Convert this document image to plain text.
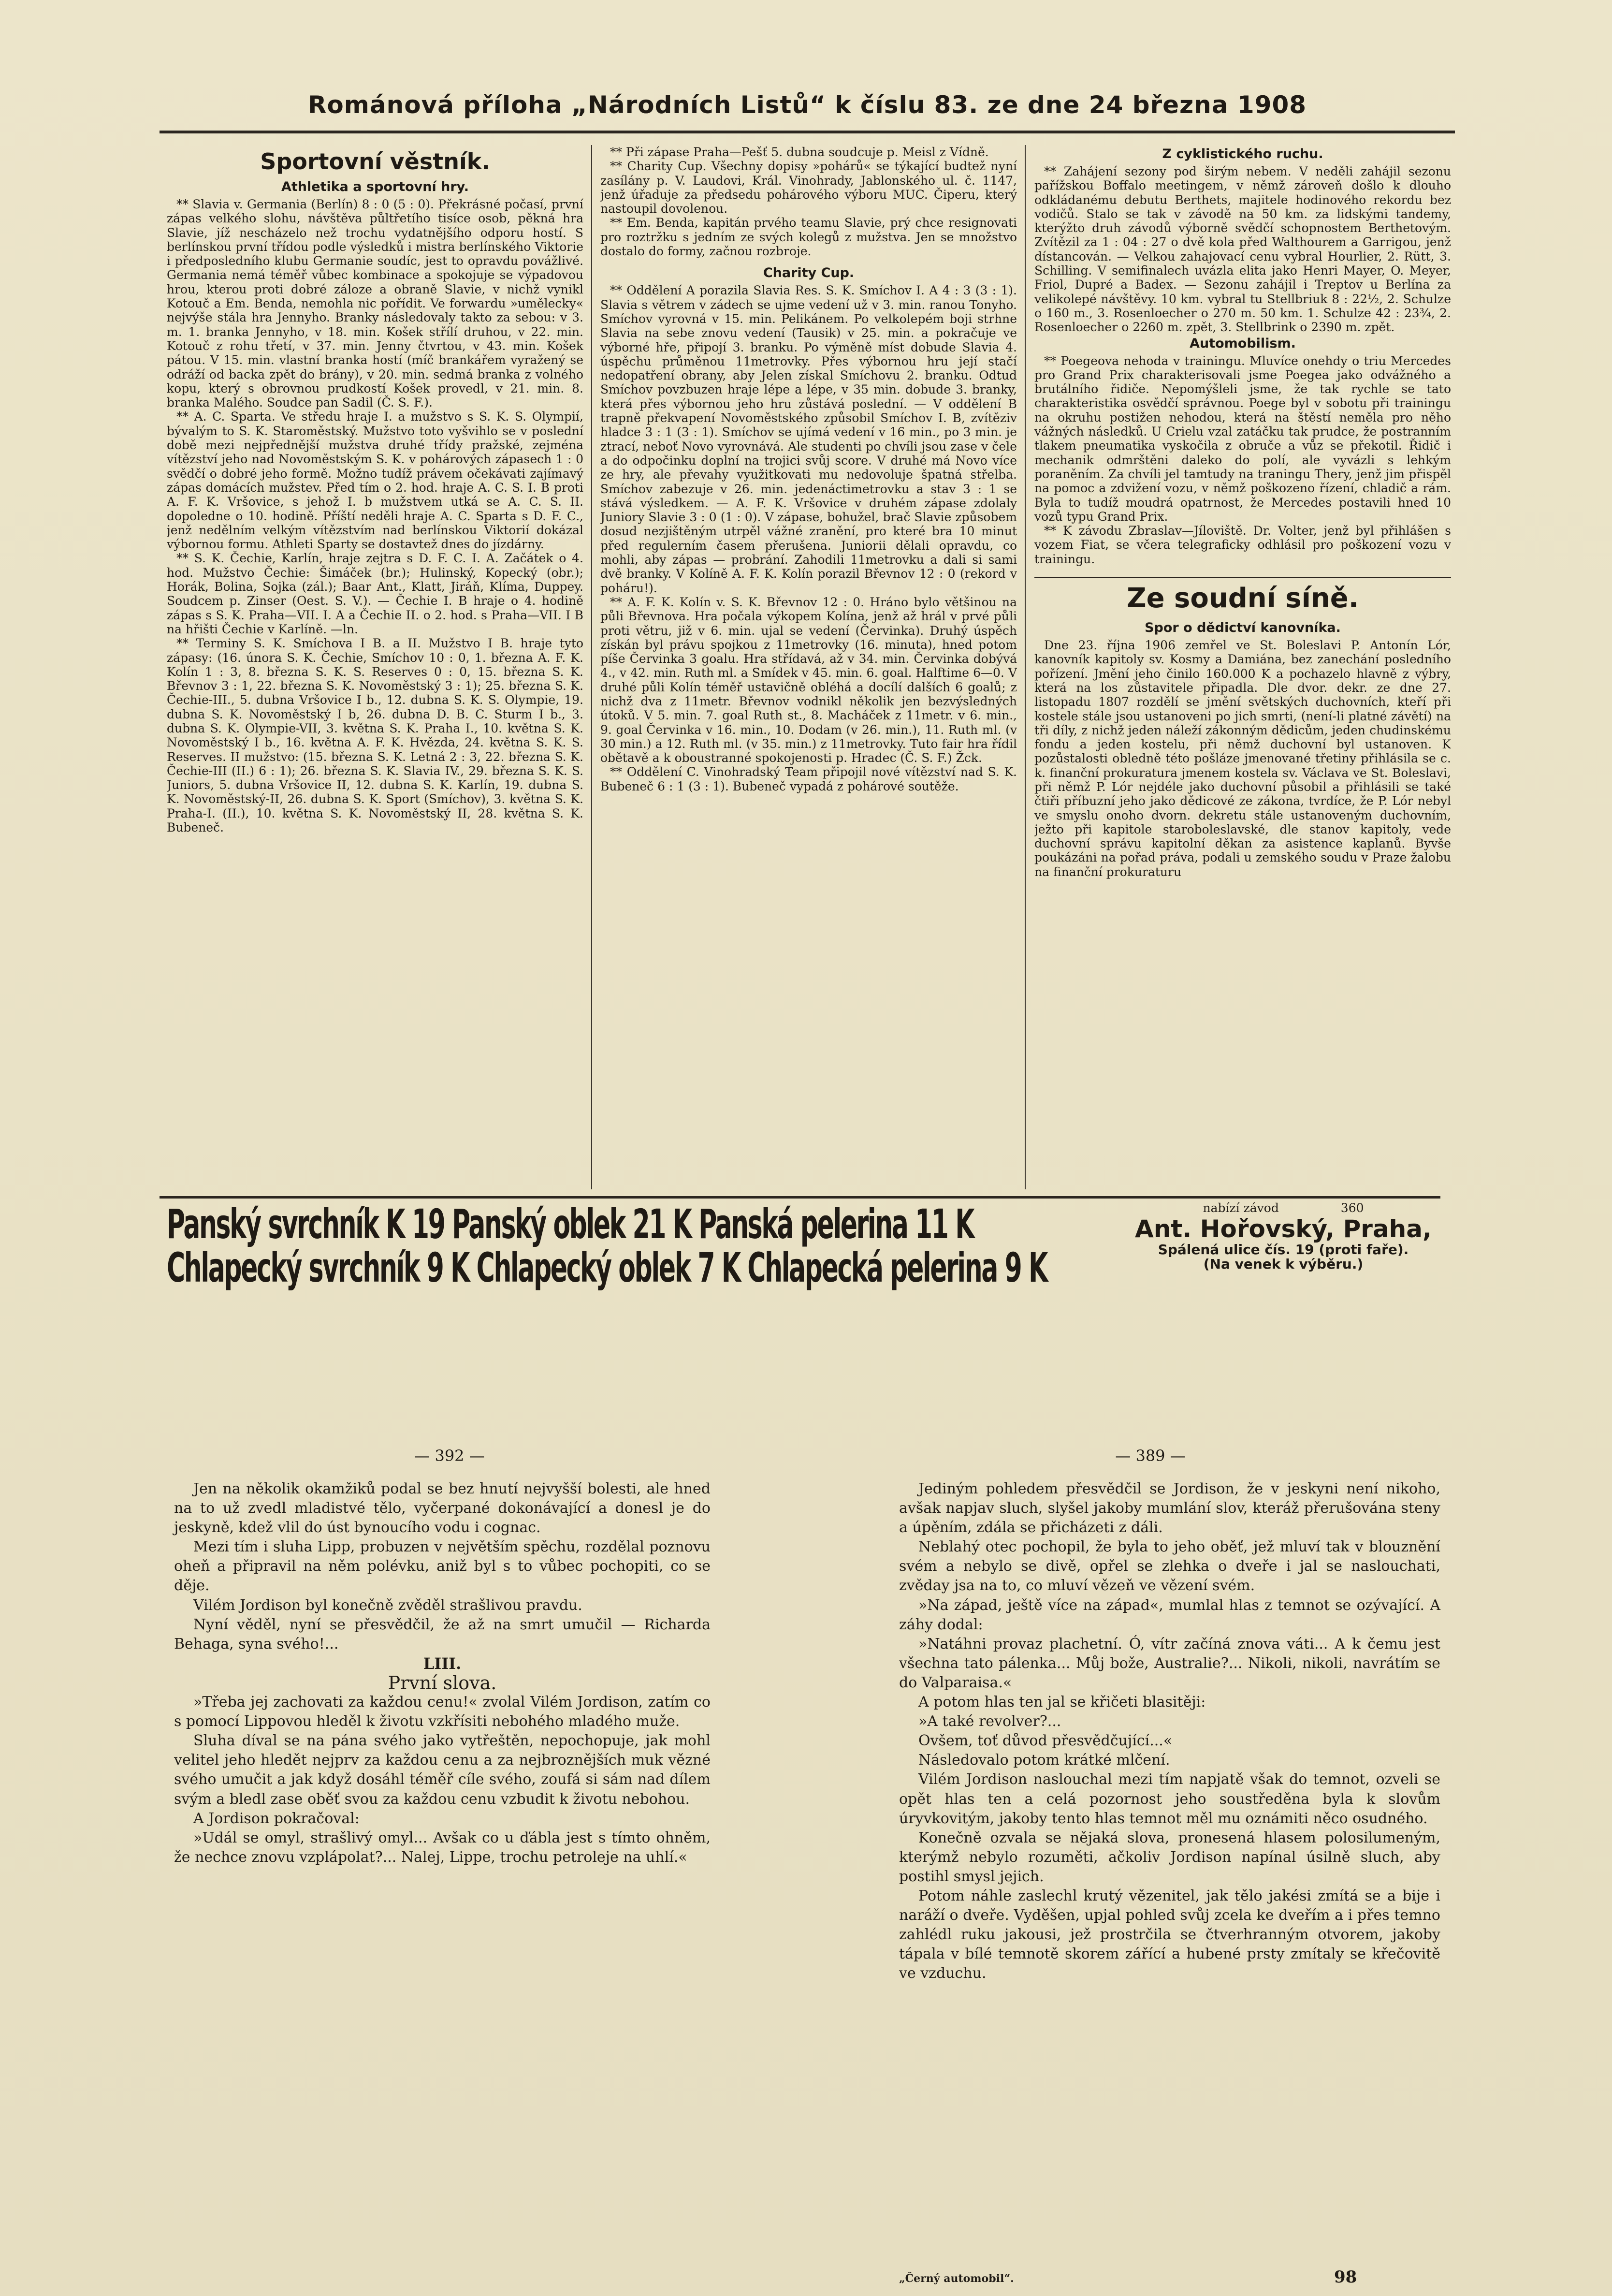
Románová příloha „Národních Listů“ k číslu 83. ze dne 24 března 1908
Sportovní věstník.
Athletika a sportovní hry.

** Slavia v. Germania (Berlín) 8 : 0 (5 : 0). Překrásné počasí, první zápas velkého slohu, návštěva půltřetího tisíce osob, pěkná hra Slavie, jíž nescházelo než trochu vydatnějšího odporu hostí. S berlínskou první třídou podle výsledků i mistra berlínského Viktorie i předposledního klubu Germanie soudíc, jest to opravdu povážlivé. Germania nemá téměř vůbec kombinace a spokojuje se výpadovou hrou, kterou proti dobré záloze a obraně Slavie, v nichž vynikl Kotouč a Em. Benda, nemohla nic pořídit. Ve forwardu »umělecky« nejvýše stála hra Jennyho. Branky následovaly takto za sebou: v 3. m. 1. branka Jennyho, v 18. min. Košek střílí druhou, v 22. min. Kotouč z rohu třetí, v 37. min. Jenny čtvrtou, v 43. min. Košek pátou. V 15. min. vlastní branka hostí (míč brankářem vyražený se odráží od backa zpět do brány), v 20. min. sedmá branka z volného kopu, který s obrovnou prudkostí Košek provedl, v 21. min. 8. branka Malého. Soudce pan Sadil (Č. S. F.).

** A. C. Sparta. Ve středu hraje I. a mužstvo s S. K. S. Olympií, bývalým to S. K. Staroměstský. Mužstvo toto vyšvihlo se v poslední době mezi nejpřednější mužstva druhé třídy pražské, zejména vítězství jeho nad Novoměstským S. K. v pohárových zápasech 1 : 0 svědčí o dobré jeho formě. Možno tudíž právem očekávati zajímavý zápas domácích mužstev. Před tím o 2. hod. hraje A. C. S. I. B proti A. F. K. Vršovice, s jehož I. b mužstvem utká se A. C. S. II. dopoledne o 10. hodině. Příští neděli hraje A. C. Sparta s D. F. C., jenž nedělním velkým vítězstvím nad berlínskou Viktorií dokázal výbornou formu. Athleti Sparty se dostavtež dnes do jízdárny.

** S. K. Čechie, Karlín, hraje zejtra s D. F. C. I. A. Začátek o 4. hod. Mužstvo Čechie: Šimáček (br.); Hulinský, Kopecký (obr.); Horák, Bolina, Sojka (zál.); Baar Ant., Klatt, Jiráň, Klíma, Duppey. Soudcem p. Zinser (Oest. S. V.). — Čechie I. B hraje o 4. hodině zápas s S. K. Praha—VII. I. A a Čechie II. o 2. hod. s Praha—VII. I B na hřišti Čechie v Karlíně. —ln.

** Terminy S. K. Smíchova I B. a II. Mužstvo I B. hraje tyto zápasy: (16. února S. K. Čechie, Smíchov 10 : 0, 1. března A. F. K. Kolín 1 : 3, 8. března S. K. S. Reserves 0 : 0, 15. března S. K. Břevnov 3 : 1, 22. března S. K. Novoměstský 3 : 1); 25. března S. K. Čechie-III., 5. dubna Vršovice I b., 12. dubna S. K. S. Olympie, 19. dubna S. K. Novoměstský I b, 26. dubna D. B. C. Sturm I b., 3. dubna S. K. Olympie-VII, 3. května S. K. Praha I., 10. května S. K. Novoměstský I b., 16. května A. F. K. Hvězda, 24. května S. K. S. Reserves. II mužstvo: (15. března S. K. Letná 2 : 3, 22. března S. K. Čechie-III (II.) 6 : 1); 26. března S. K. Slavia IV., 29. března S. K. S. Juniors, 5. dubna Vršovice II, 12. dubna S. K. Karlín, 19. dubna S. K. Novoměstský-II, 26. dubna S. K. Sport (Smíchov), 3. května S. K. Praha-I. (II.), 10. května S. K. Novoměstský II, 28. května S. K. Bubeneč.

** Při zápase Praha—Pešť 5. dubna soudcuje p. Meisl z Vídně.

** Charity Cup. Všechny dopisy »pohárů« se týkající budtež nyní zasílány p. V. Laudovi, Král. Vinohrady, Jablonského ul. č. 1147, jenž úřaduje za předsedu pohárového výboru MUC. Čiperu, který nastoupil dovolenou.

** Em. Benda, kapitán prvého teamu Slavie, prý chce resignovati pro roztržku s jedním ze svých kolegů z mužstva. Jen se množstvo dostalo do formy, začnou rozbroje.

Charity Cup.

** Oddělení A porazila Slavia Res. S. K. Smíchov I. A 4 : 3 (3 : 1). Slavia s větrem v zádech se ujme vedení už v 3. min. ranou Tonyho. Smíchov vyrovná v 15. min. Pelikánem. Po velkolepém boji strhne Slavia na sebe znovu vedení (Tausik) v 25. min. a pokračuje ve výborné hře, připojí 3. branku. Po výměně míst dobude Slavia 4. úspěchu průměnou 11metrovky. Přes výbornou hru její stačí nedopatření obrany, aby Jelen získal Smíchovu 2. branku. Odtud Smíchov povzbuzen hraje lépe a lépe, v 35 min. dobude 3. branky, která přes výbornou jeho hru zůstává poslední. — V oddělení B trapně překvapení Novoměstského způsobil Smíchov I. B, zvítěziv hladce 3 : 1 (3 : 1). Smíchov se ujímá vedení v 16 min., po 3 min. je ztrací, neboť Novo vyrovnává. Ale studenti po chvíli jsou zase v čele a do odpočinku doplní na trojici svůj score. V druhé má Novo více ze hry, ale převahy využitkovati mu nedovoluje špatná střelba. Smíchov zabezuje v 26. min. jedenáctimetrovku a stav 3 : 1 se stává výsledkem. — A. F. K. Vršovice v druhém zápase zdolaly Juniory Slavie 3 : 0 (1 : 0). V zápase, bohužel, brač Slavie způsobem dosud nezjištěným utrpěl vážné zranění, pro které bra 10 minut před regulerním časem přerušena. Juniorii dělali opravdu, co mohli, aby zápas — probrání. Zahodili 11metrovku a dali si sami dvě branky. V Kolíně A. F. K. Kolín porazil Břevnov 12 : 0 (rekord v poháru!).

** A. F. K. Kolín v. S. K. Břevnov 12 : 0. Hráno bylo většinou na půli Břevnova. Hra počala výkopem Kolína, jenž až hrál v prvé půli proti větru, již v 6. min. ujal se vedení (Červinka). Druhý úspěch získán byl právu spojkou z 11metrovky (16. minuta), hned potom píše Červinka 3 goalu. Hra střídavá, až v 34. min. Červinka dobývá 4., v 42. min. Ruth ml. a Smídek v 45. min. 6. goal. Halftime 6—0. V druhé půli Kolín téměř ustavičně obléhá a docílí dalších 6 goalů; z nichž dva z 11metr. Břevnov vodnikl několik jen bezvýsledných útoků. V 5. min. 7. goal Ruth st., 8. Macháček z 11metr. v 6. min., 9. goal Červinka v 16. min., 10. Dodam (v 26. min.), 11. Ruth ml. (v 30 min.) a 12. Ruth ml. (v 35. min.) z 11metrovky. Tuto fair hra řídil obětavě a k oboustranné spokojenosti p. Hradec (Č. S. F.) Žck.

** Oddělení C. Vinohradský Team připojil nové vítězství nad S. K. Bubeneč 6 : 1 (3 : 1). Bubeneč vypadá z pohárové soutěže.

Z cyklistického ruchu.

** Zahájení sezony pod širým nebem. V neděli zahájil sezonu pařížskou Boffalo meetingem, v němž zároveň došlo k dlouho odkládanému debutu Berthets, majitele hodinového rekordu bez vodičů. Stalo se tak v závodě na 50 km. za lidskými tandemy, kterýžto druh závodů výborně svědčí schopnostem Berthetovým. Zvítězil za 1 : 04 : 27 o dvě kola před Walthourem a Garrigou, jenž dístancován. — Velkou zahajovací cenu vybral Hourlier, 2. Rütt, 3. Schilling. V semifinalech uvázla elita jako Henri Mayer, O. Meyer, Friol, Dupré a Badex. — Sezonu zahájil i Treptov u Berlína za velikolepé návštěvy. 10 km. vybral tu Stellbriuk 8 : 22½, 2. Schulze o 160 m., 3. Rosenloecher o 270 m. 50 km. 1. Schulze 42 : 23¾, 2. Rosenloecher o 2260 m. zpět, 3. Stellbrink o 2390 m. zpět.

Automobilism.

** Poegeova nehoda v trainingu. Mluvíce onehdy o triu Mercedes pro Grand Prix charakterisovali jsme Poegea jako odvážného a brutálního řidiče. Nepomýšleli jsme, že tak rychle se tato charakteristika osvědčí správnou. Poege byl v sobotu při trainingu na okruhu postižen nehodou, která na štěstí neměla pro něho vážných následků. U Crielu vzal zatáčku tak prudce, že postranním tlakem pneumatika vyskočila z obruče a vůz se překotil. Řidič i mechanik odmrštěni daleko do polí, ale vyvázli s lehkým poraněním. Za chvíli jel tamtudy na traningu Thery, jenž jim přispěl na pomoc a zdvižení vozu, v němž poškozeno řízení, chladič a rám. Byla to tudíž moudrá opatrnost, že Mercedes postavili hned 10 vozů typu Grand Prix.

** K závodu Zbraslav—Jíloviště. Dr. Volter, jenž byl přihlášen s vozem Fiat, se včera telegraficky odhlásil pro poškození vozu v trainingu.

Ze soudní síně.
Spor o dědictví kanovníka.

Dne 23. října 1906 zemřel ve St. Boleslavi P. Antonín Lór, kanovník kapitoly sv. Kosmy a Damiána, bez zanechání posledního pořízení. Jmění jeho činilo 160.000 K a pochazelo hlavně z výbry, která na los zůstavitele připadla. Dle dvor. dekr. ze dne 27. listopadu 1807 rozdělí se jmění světských duchovních, kteří při kostele stále jsou ustanoveni po jich smrti, (není-li platné závětí) na tři díly, z nichž jeden náleží zákonným dědicům, jeden chudinskému fondu a jeden kostelu, při němž duchovní byl ustanoven. K pozůstalosti obledně této pošláze jmenované třetiny přihlásila se c. k. finanční prokuratura jmenem kostela sv. Václava ve St. Boleslavi, při němž P. Lór nejdéle jako duchovní působil a přihlásili se také čtiři příbuzní jeho jako dědicové ze zákona, tvrdíce, že P. Lór nebyl ve smyslu onoho dvorn. dekretu stále ustanoveným duchovním, ježto při kapitole staroboleslavské, dle stanov kapitoly, vede duchovní správu kapitolní děkan za asistence kaplanů. Byvše poukázáni na pořad práva, podali u zemského soudu v Praze žalobu na finanční prokuraturu

Panský svrchník K 19 Panský oblek 21 K Panská pelerina 11 K
Chlapecký svrchník 9 K Chlapecký oblek 7 K Chlapecká pelerina 9 K
nabízí závod	360
Ant. Hořovský, Praha,
Spálená ulice čís. 19 (proti faře).
(Na venek k výběru.)
— 392 —	— 389 —

Jen na několik okamžiků podal se bez hnutí nejvyšší bolesti, ale hned na to už zvedl mladistvé tělo, vyčerpané dokonávající a donesl je do jeskyně, kdež vlil do úst bynoucího vodu i cognac.

Mezi tím i sluha Lipp, probuzen v největším spěchu, rozdělal poznovu oheň a připravil na něm polévku, aniž byl s to vůbec pochopiti, co se děje.

Vilém Jordison byl konečně zvěděl strašlivou pravdu.

Nyní věděl, nyní se přesvědčil, že až na smrt umučil — Richarda Behaga, syna svého!...

LIII.

První slova.

»Třeba jej zachovati za každou cenu!« zvolal Vilém Jordison, zatím co s pomocí Lippovou hleděl k životu vzkřísiti nebohého mladého muže.

Sluha díval se na pána svého jako vytřeštěn, nepochopuje, jak mohl velitel jeho hledět nejprv za každou cenu a za nejbroznějších muk vězné svého umučit a jak když dosáhl téměř cíle svého, zoufá si sám nad dílem svým a bledl zase oběť svou za každou cenu vzbudit k životu nebohou.

A Jordison pokračoval:

»Udál se omyl, strašlivý omyl... Avšak co u ďábla jest s tímto ohněm, že nechce znovu vzplápolat?... Nalej, Lippe, trochu petroleje na uhlí.«

Jediným pohledem přesvědčil se Jordison, že v jeskyni není nikoho, avšak napjav sluch, slyšel jakoby mumlání slov, kteráž přerušována steny a úpěním, zdála se přicházeti z dáli.

Neblahý otec pochopil, že byla to jeho oběť, jež mluví tak v blouznění svém a nebylo se divě, opřel se zlehka o dveře i jal se naslouchati, zvěday jsa na to, co mluví vězeň ve vězení svém.

»Na západ, ještě více na západ«, mumlal hlas z temnot se ozývající. A záhy dodal:

»Natáhni provaz plachetní. Ó, vítr začíná znova váti... A k čemu jest všechna tato pálenka... Můj bože, Australie?... Nikoli, nikoli, navrátím se do Valparaisa.«

A potom hlas ten jal se křičeti blasitěji:

»A také revolver?...

Ovšem, toť důvod přesvědčující...«

Následovalo potom krátké mlčení.

Vilém Jordison naslouchal mezi tím napjatě však do temnot, ozveli se opět hlas ten a celá pozornost jeho soustředěna byla k slovům úryvkovitým, jakoby tento hlas temnot měl mu oznámiti něco osudného.

Konečně ozvala se nějaká slova, pronesená hlasem polosilumeným, kterýmž nebylo rozuměti, ačkoliv Jordison napínal úsilně sluch, aby postihl smysl jejich.

Potom náhle zaslechl krutý vězenitel, jak tělo jakési zmítá se a bije i naráží o dveře. Vyděšen, upjal pohled svůj zcela ke dveřím a i přes temno zahlédl ruku jakousi, jež prostrčila se čtverhranným otvorem, jakoby tápala v bílé temnotě skorem zářící a hubené prsty zmítaly se křečovitě ve vzduchu.

„Černý automobil“.	98
